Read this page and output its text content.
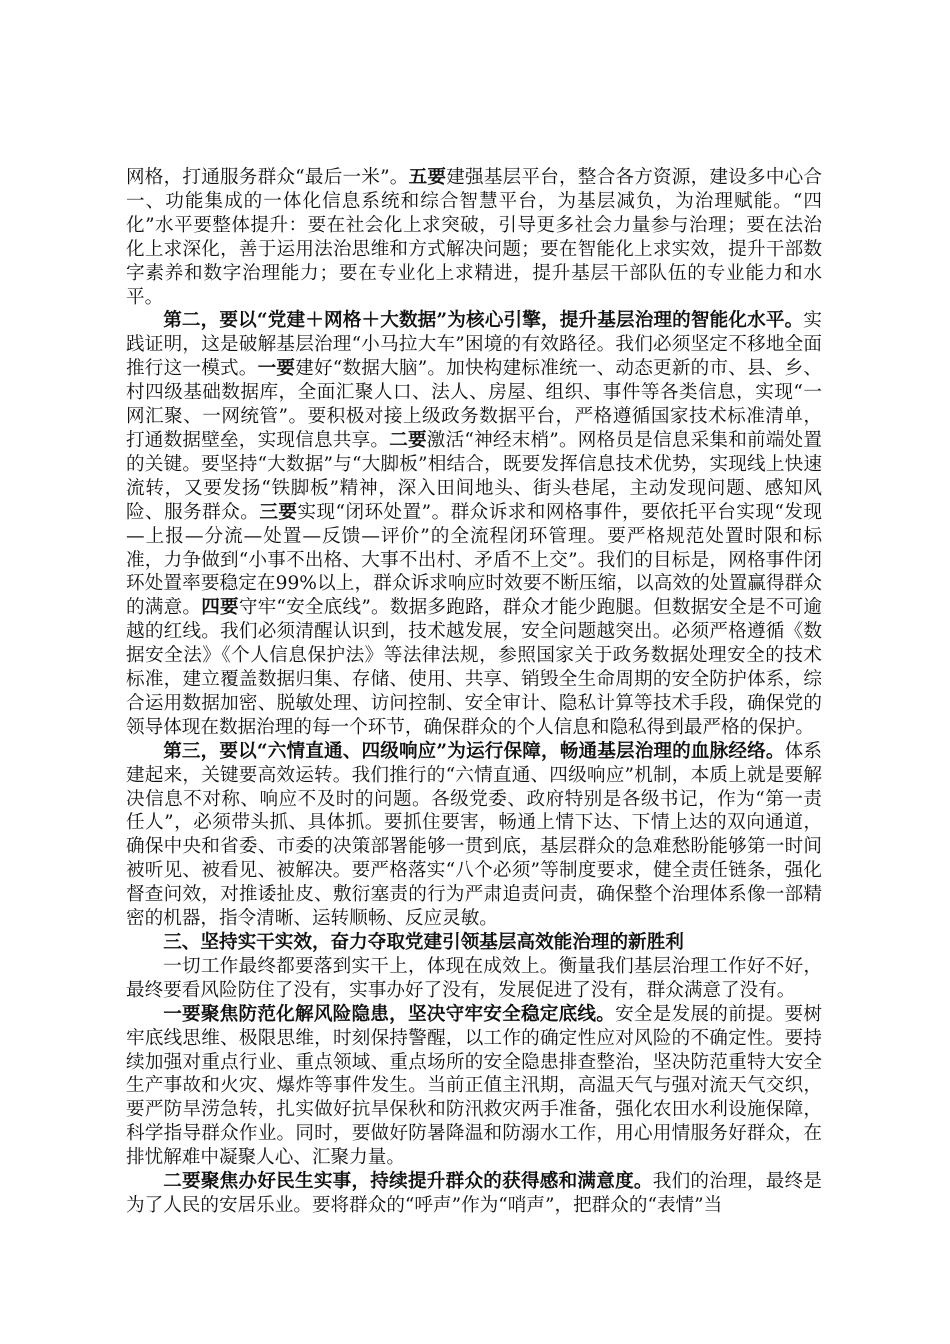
网格，打通服务群众“最后一米”。五要建强基层平台，整合各方资源，建设多中心合一、功能集成的一体化信息系统和综合智慧平台，为基层减负，为治理赋能。“四化”水平要整体提升：要在社会化上求突破，引导更多社会力量参与治理；要在法治化上求深化，善于运用法治思维和方式解决问题；要在智能化上求实效，提升干部数字素养和数字治理能力；要在专业化上求精进，提升基层干部队伍的专业能力和水平。

第二，要以“党建＋网格＋大数据”为核心引擎，提升基层治理的智能化水平。实践证明，这是破解基层治理“小马拉大车”困境的有效路径。我们必须坚定不移地全面推行这一模式。一要建好“数据大脑”。加快构建标准统一、动态更新的市、县、乡、村四级基础数据库，全面汇聚人口、法人、房屋、组织、事件等各类信息，实现“一网汇聚、一网统管”。要积极对接上级政务数据平台，严格遵循国家技术标准清单，打通数据壁垒，实现信息共享。二要激活“神经末梢”。网格员是信息采集和前端处置的关键。要坚持“大数据”与“大脚板”相结合，既要发挥信息技术优势，实现线上快速流转，又要发扬“铁脚板”精神，深入田间地头、街头巷尾，主动发现问题、感知风险、服务群众。三要实现“闭环处置”。群众诉求和网格事件，要依托平台实现“发现—上报—分流—处置—反馈—评价”的全流程闭环管理。要严格规范处置时限和标准，力争做到“小事不出格、大事不出村、矛盾不上交”。我们的目标是，网格事件闭环处置率要稳定在99%以上，群众诉求响应时效要不断压缩，以高效的处置赢得群众的满意。四要守牢“安全底线”。数据多跑路，群众才能少跑腿。但数据安全是不可逾越的红线。我们必须清醒认识到，技术越发展，安全问题越突出。必须严格遵循《数据安全法》《个人信息保护法》等法律法规，参照国家关于政务数据处理安全的技术标准，建立覆盖数据归集、存储、使用、共享、销毁全生命周期的安全防护体系，综合运用数据加密、脱敏处理、访问控制、安全审计、隐私计算等技术手段，确保党的领导体现在数据治理的每一个环节，确保群众的个人信息和隐私得到最严格的保护。

第三，要以“六情直通、四级响应”为运行保障，畅通基层治理的血脉经络。体系建起来，关键要高效运转。我们推行的“六情直通、四级响应”机制，本质上就是要解决信息不对称、响应不及时的问题。各级党委、政府特别是各级书记，作为“第一责任人”，必须带头抓、具体抓。要抓住要害，畅通上情下达、下情上达的双向通道，确保中央和省委、市委的决策部署能够一贯到底，基层群众的急难愁盼能够第一时间被听见、被看见、被解决。要严格落实“八个必须”等制度要求，健全责任链条，强化督查问效，对推诿扯皮、敷衍塞责的行为严肃追责问责，确保整个治理体系像一部精密的机器，指令清晰、运转顺畅、反应灵敏。

三、坚持实干实效，奋力夺取党建引领基层高效能治理的新胜利

一切工作最终都要落到实干上，体现在成效上。衡量我们基层治理工作好不好，最终要看风险防住了没有，实事办好了没有，发展促进了没有，群众满意了没有。

一要聚焦防范化解风险隐患，坚决守牢安全稳定底线。安全是发展的前提。要树牢底线思维、极限思维，时刻保持警醒，以工作的确定性应对风险的不确定性。要持续加强对重点行业、重点领域、重点场所的安全隐患排查整治，坚决防范重特大安全生产事故和火灾、爆炸等事件发生。当前正值主汛期，高温天气与强对流天气交织，要严防旱涝急转，扎实做好抗旱保秋和防汛救灾两手准备，强化农田水利设施保障，科学指导群众作业。同时，要做好防暑降温和防溺水工作，用心用情服务好群众，在排忧解难中凝聚人心、汇聚力量。

二要聚焦办好民生实事，持续提升群众的获得感和满意度。我们的治理，最终是为了人民的安居乐业。要将群众的“呼声”作为“哨声”，把群众的“表情”当
